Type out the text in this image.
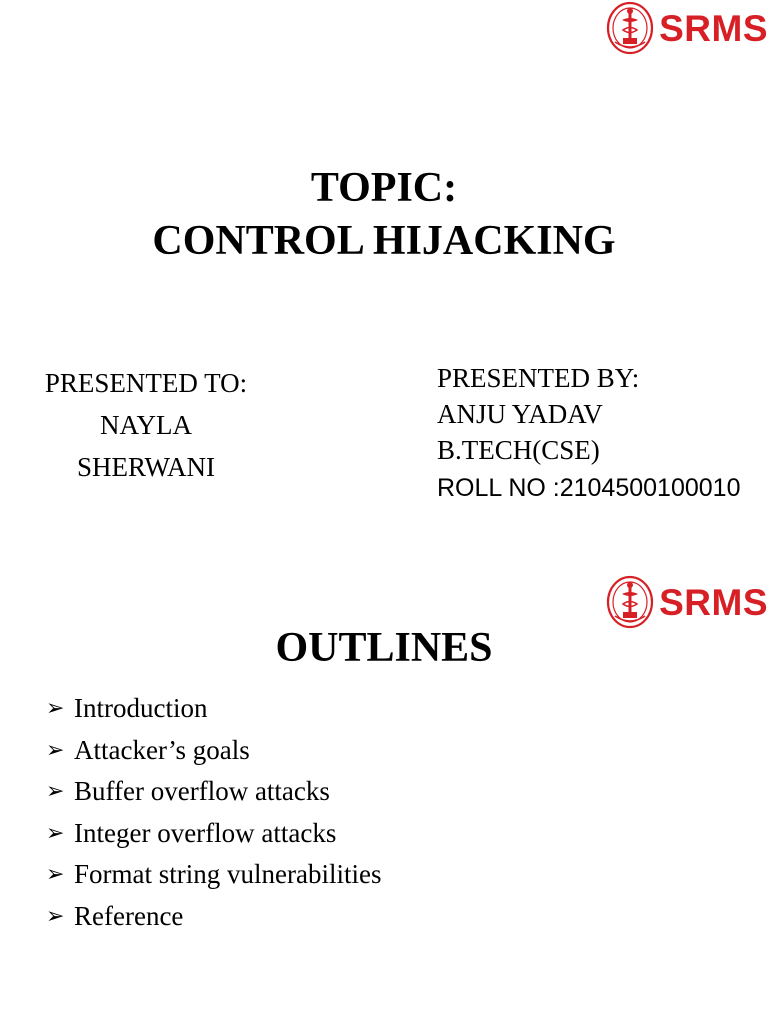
SRMS
TOPIC:
CONTROL HIJACKING
PRESENTED TO:
NAYLA
SHERWANI
PRESENTED BY:
ANJU YADAV
B.TECH(CSE)
ROLL NO :2104500100010
SRMS
OUTLINES
➢ Introduction
➢ Attacker’s goals
➢ Buffer overflow attacks
➢ Integer overflow attacks
➢ Format string vulnerabilities
➢ Reference
